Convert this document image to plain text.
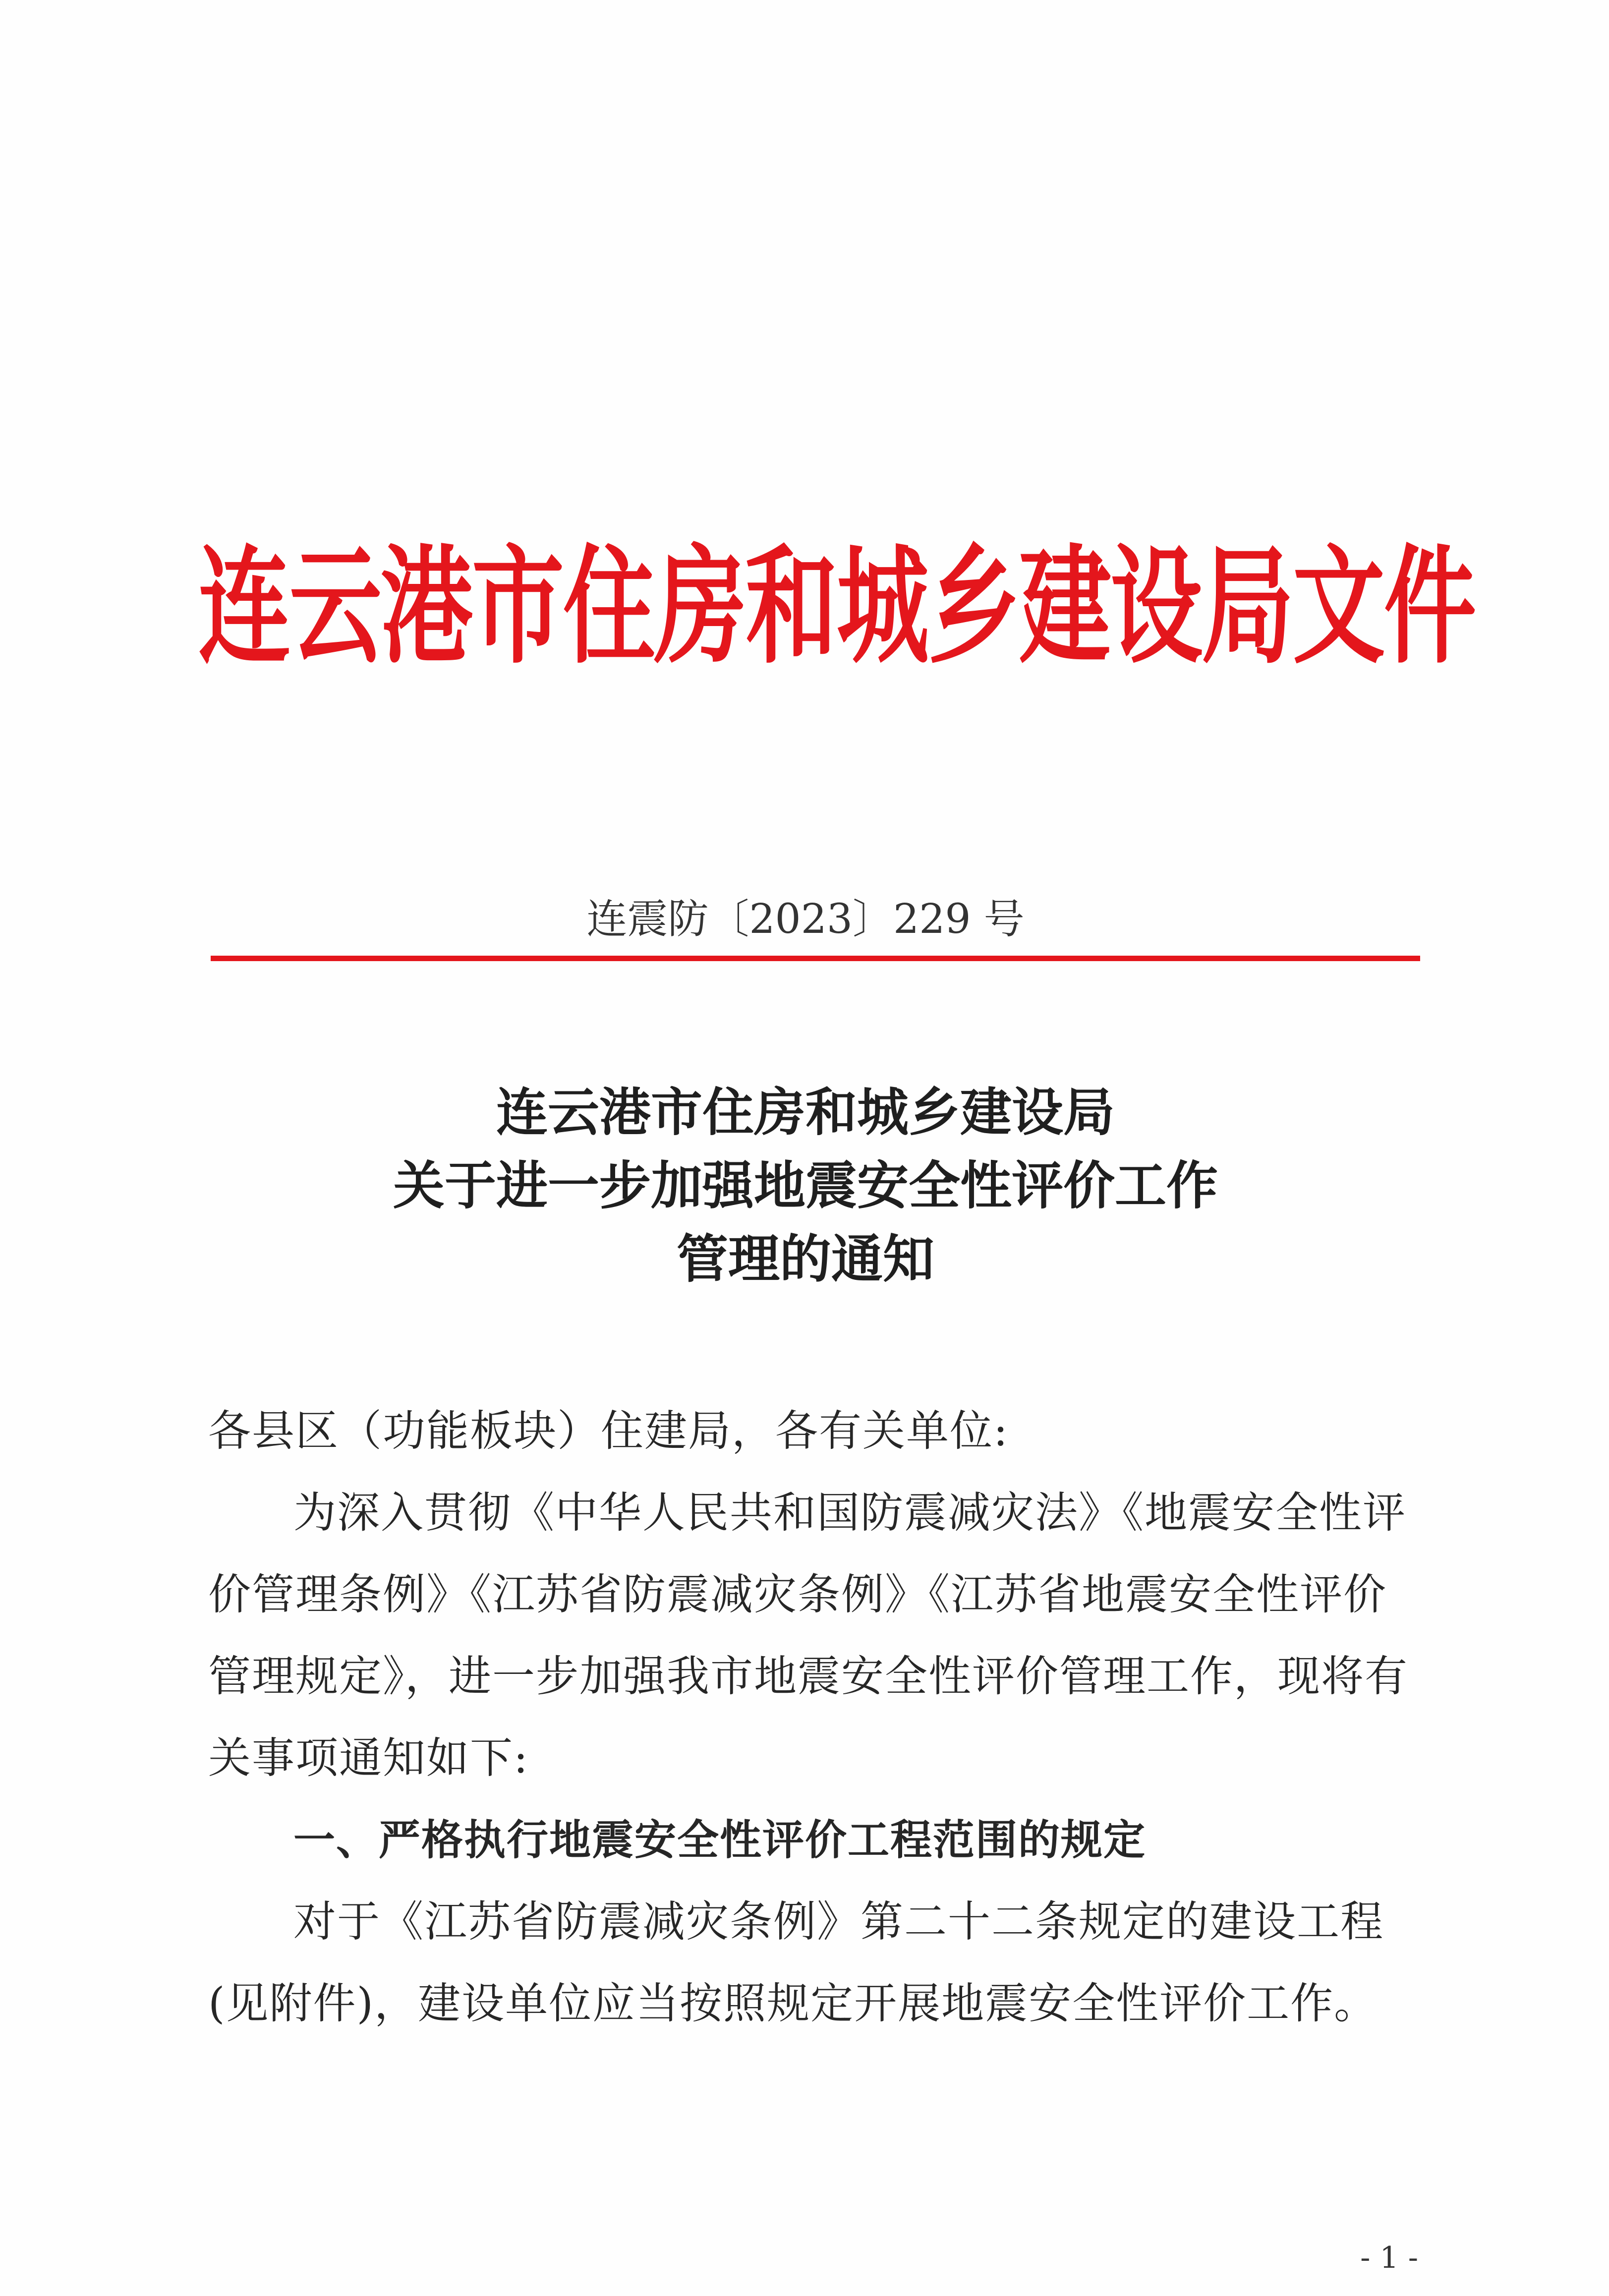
连云港市住房和城乡建设局文件
连震防〔2023〕229 号
连云港市住房和城乡建设局
关于进一步加强地震安全性评价工作
管理的通知

各县区（功能板块）住建局，各有关单位:

为深入贯彻《中华人民共和国防震减灾法》《地震安全性评价管理条例》《江苏省防震减灾条例》《江苏省地震安全性评价管理规定》，进一步加强我市地震安全性评价管理工作，现将有关事项通知如下:

一、严格执行地震安全性评价工程范围的规定

对于《江苏省防震减灾条例》第二十二条规定的建设工程(见附件)，建设单位应当按照规定开展地震安全性评价工作。

- 1 -
